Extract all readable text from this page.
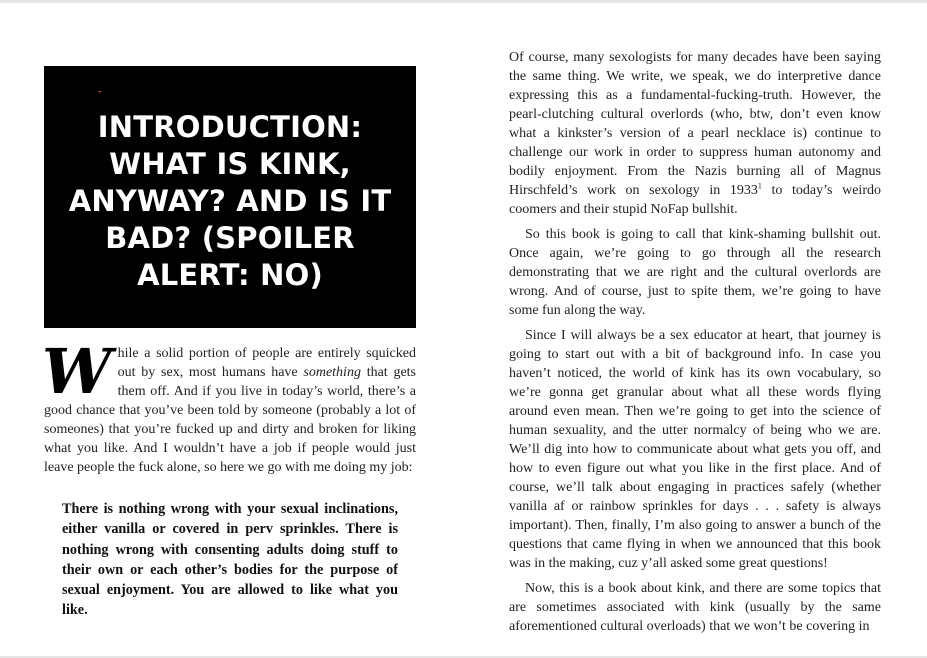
INTRODUCTION: WHAT IS KINK, ANYWAY? AND IS IT BAD? (SPOILER ALERT: NO)

While a solid portion of people are entirely squicked out by sex, most humans have something that gets them off. And if you live in today’s world, there’s a good chance that you’ve been told by someone (probably a lot of someones) that you’re fucked up and dirty and broken for liking what you like. And I wouldn’t have a job if people would just leave people the fuck alone, so here we go with me doing my job:

There is nothing wrong with your sexual inclinations, either vanilla or covered in perv sprinkles. There is nothing wrong with consenting adults doing stuff to their own or each other’s bodies for the purpose of sexual enjoyment. You are allowed to like what you like.

Of course, many sexologists for many decades have been saying the same thing. We write, we speak, we do interpretive dance expressing this as a fundamental-fucking-truth. However, the pearl-clutching cultural overlords (who, btw, don’t even know what a kinkster’s version of a pearl necklace is) continue to challenge our work in order to suppress human autonomy and bodily enjoyment. From the Nazis burning all of Magnus Hirschfeld’s work on sexology in 1933$^1$ to today’s weirdo coomers and their stupid NoFap bullshit.

So this book is going to call that kink-shaming bullshit out. Once again, we’re going to go through all the research demonstrating that we are right and the cultural overlords are wrong. And of course, just to spite them, we’re going to have some fun along the way.

Since I will always be a sex educator at heart, that journey is going to start out with a bit of background info. In case you haven’t noticed, the world of kink has its own vocabulary, so we’re gonna get granular about what all these words flying around even mean. Then we’re going to get into the science of human sexuality, and the utter normalcy of being who we are. We’ll dig into how to communicate about what gets you off, and how to even figure out what you like in the first place. And of course, we’ll talk about engaging in practices safely (whether vanilla af or rainbow sprinkles for days . . . safety is always important). Then, finally, I’m also going to answer a bunch of the questions that came flying in when we announced that this book was in the making, cuz y’all asked some great questions!

Now, this is a book about kink, and there are some topics that are sometimes associated with kink (usually by the same aforementioned cultural overloads) that we won’t be covering in
